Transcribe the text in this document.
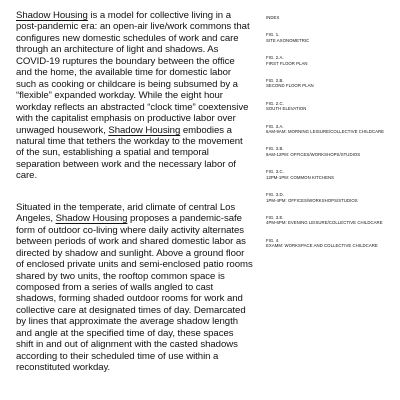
Shadow Housing is a model for collective living in a post-pandemic era: an open-air live/work commons that configures new domestic schedules of work and care through an architecture of light and shadows. As COVID-19 ruptures the boundary between the office and the home, the available time for domestic labor such as cooking or childcare is being subsumed by a “flexible” expanded workday. While the eight hour workday reflects an abstracted “clock time” coextensive with the capitalist emphasis on productive labor over unwaged housework, Shadow Housing embodies a natural time that tethers the workday to the movement of the sun, establishing a spatial and temporal separation between work and the necessary labor of care.

Situated in the temperate, arid climate of central Los Angeles, Shadow Housing proposes a pandemic-safe form of outdoor co-living where daily activity alternates between periods of work and shared domestic labor as directed by shadow and sunlight. Above a ground floor of enclosed private units and semi-enclosed patio rooms shared by two units, the rooftop common space is composed from a series of walls angled to cast shadows, forming shaded outdoor rooms for work and collective care at designated times of day. Demarcated by lines that approximate the average shadow length and angle at the specified time of day, these spaces shift in and out of alignment with the casted shadows according to their scheduled time of use within a reconstituted workday.

INDEX
FIG. 1.
SITE AXONOMETRIC
FIG. 2.A.
FIRST FLOOR PLAN
FIG. 2.B.
SECOND FLOOR PLAN
FIG. 2.C.
SOUTH ELEVATION
FIG. 3.A.
6AM-9AM: MORNING LEISURE/COLLECTIVE CHILDCARE
FIG. 3.B.
9AM-12PM: OFFICES/WORKSHOPS/STUDIOS
FIG. 3.C.
12PM-1PM: COMMON KITCHENS
FIG. 3.D.
1PM-4PM: OFFICES/WORKSHOPS/STUDIOS
FIG. 3.E.
4PM-6PM: EVENING LEISURE/COLLECTIVE CHILDCARE
FIG. 4.
EXAMM: WORKSPACE AND COLLECTIVE CHILDCARE
